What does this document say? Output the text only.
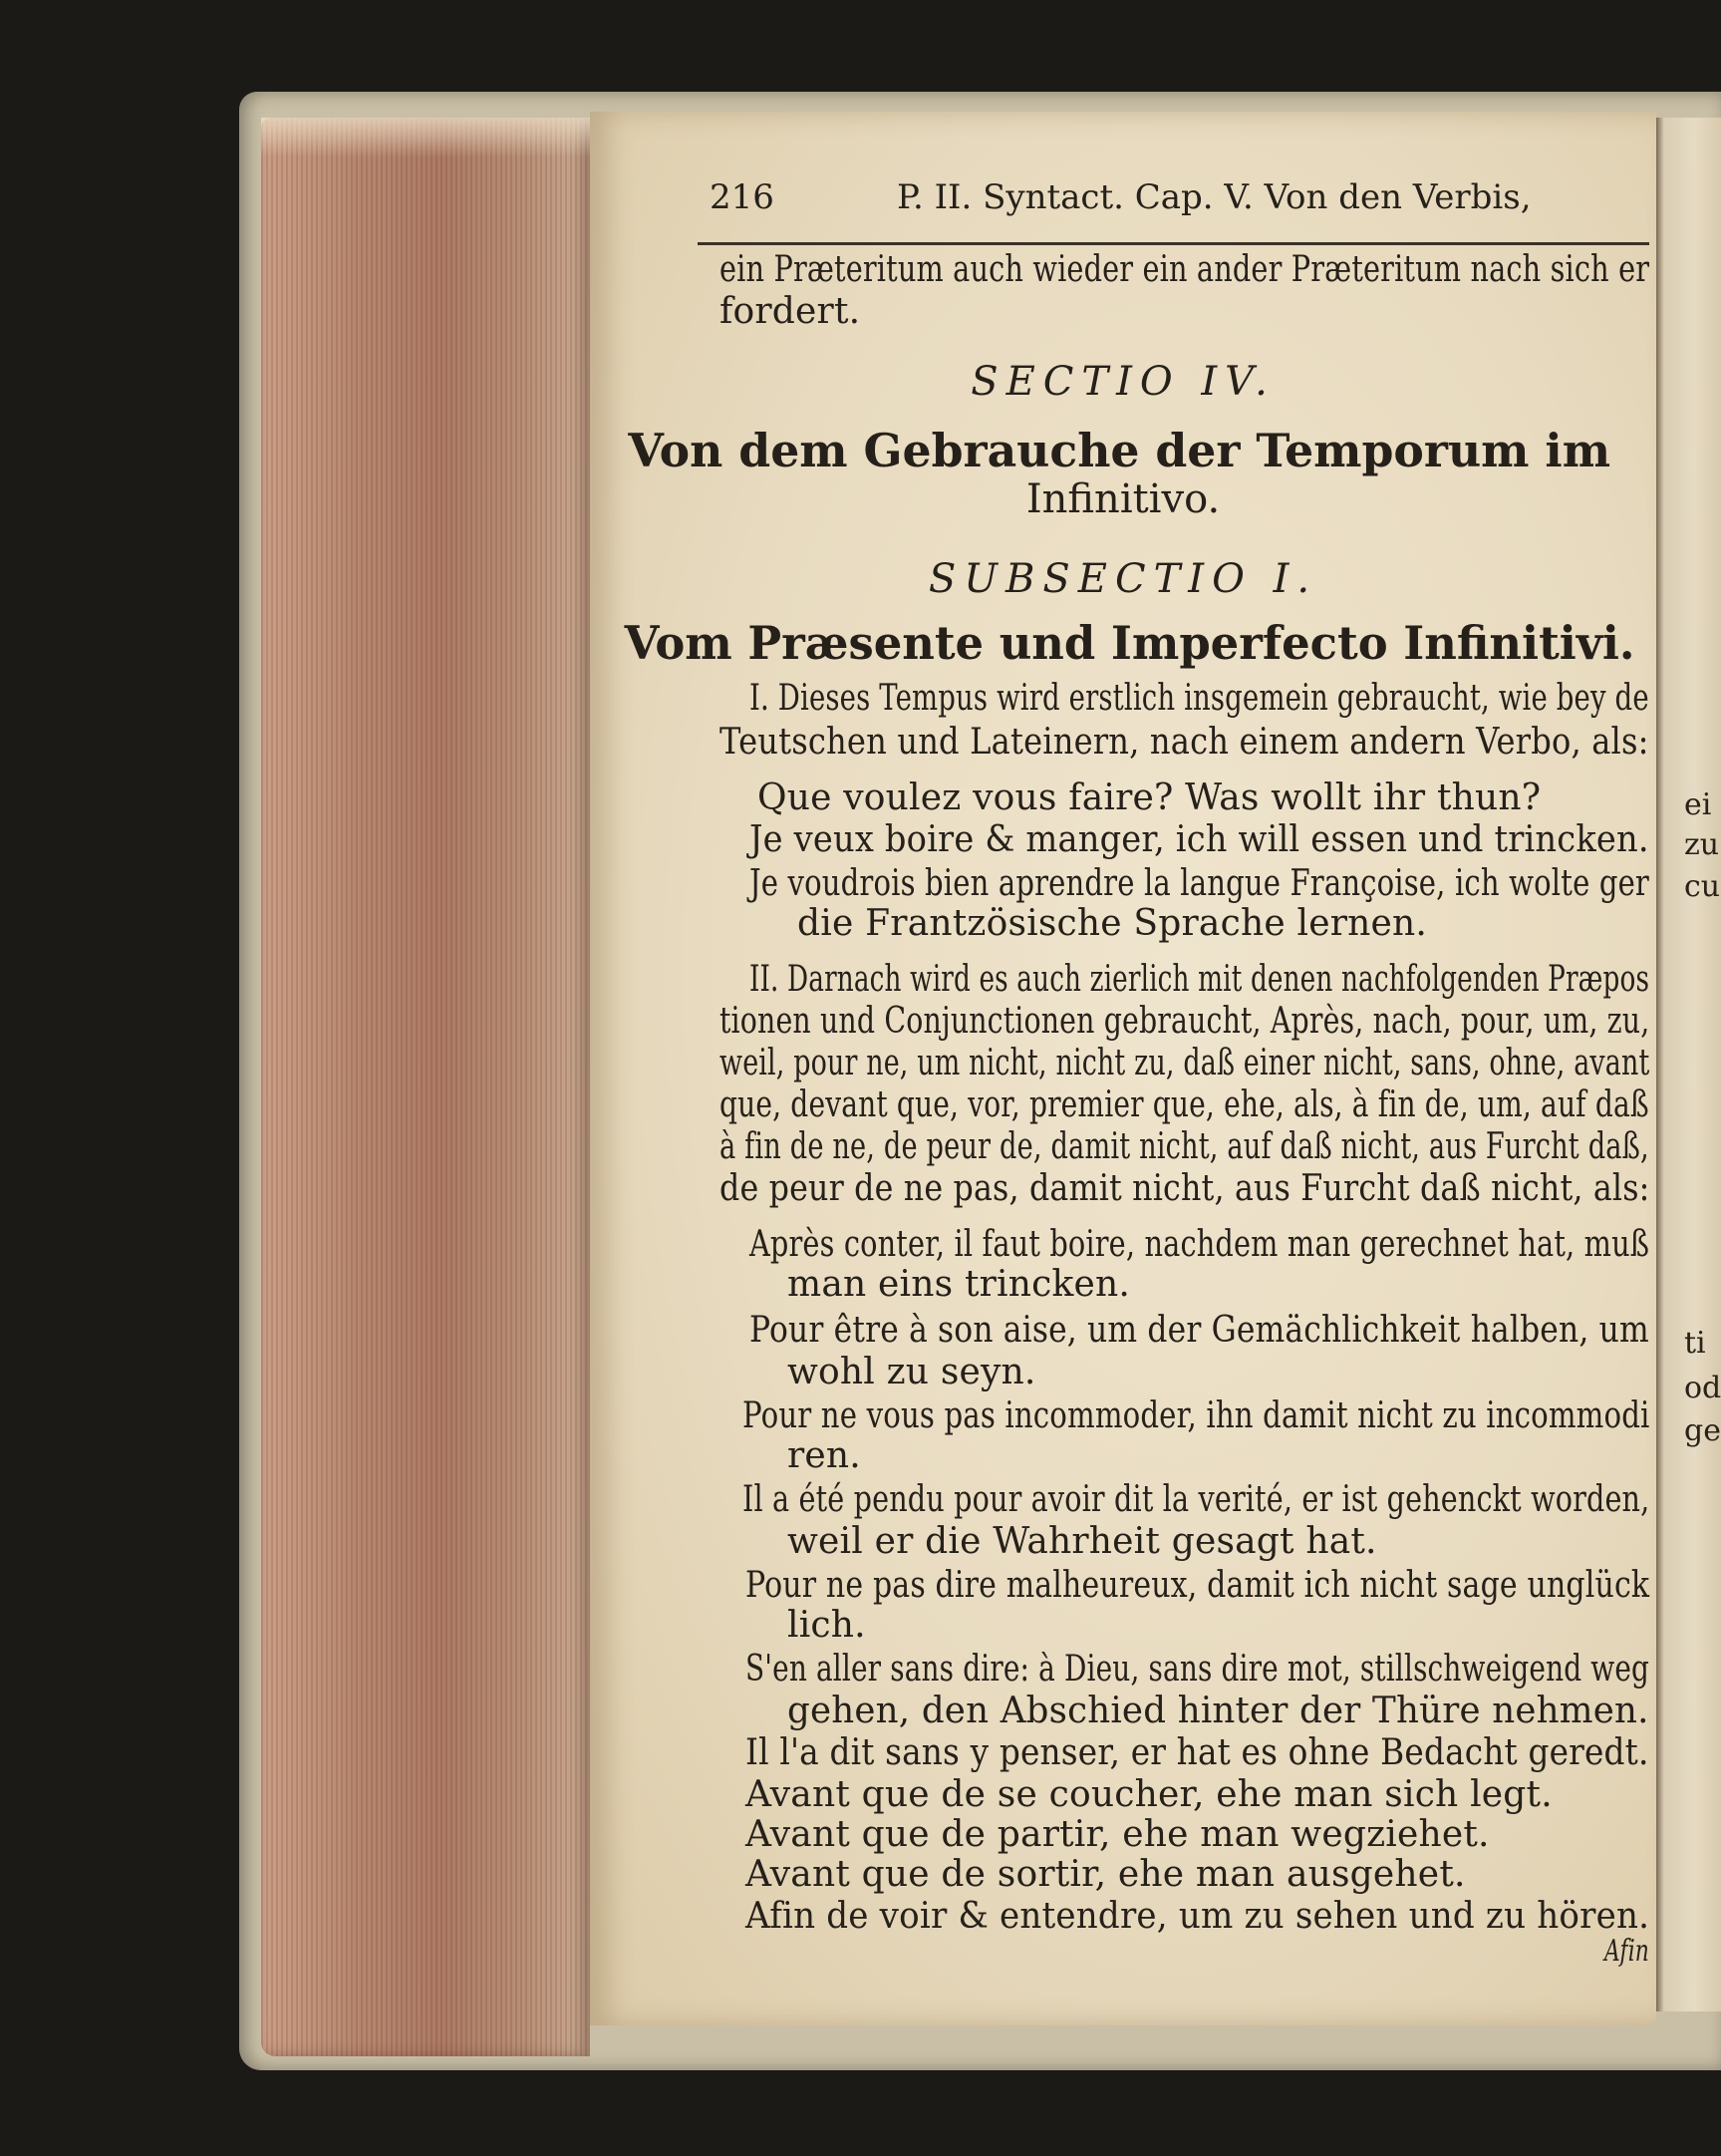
ei
zu
cu
ti
od
ge
216	P. II. Syntact. Cap. V. Von den Verbis,
ein Præteritum auch wieder ein ander Præteritum nach sich er
fordert.
SECTIO IV.
Von dem Gebrauche der Temporum im
Infinitivo.
SUBSECTIO I.
Vom Præsente und Imperfecto Infinitivi.
I. Dieses Tempus wird erstlich insgemein gebraucht, wie bey de
Teutschen und Lateinern, nach einem andern Verbo, als:
Que voulez vous faire? Was wollt ihr thun?
Je veux boire & manger, ich will essen und trincken.
Je voudrois bien aprendre la langue Françoise, ich wolte ger
die Frantzösische Sprache lernen.
II. Darnach wird es auch zierlich mit denen nachfolgenden Præpos
tionen und Conjunctionen gebraucht, Après, nach, pour, um, zu,
weil, pour ne, um nicht, nicht zu, daß einer nicht, sans, ohne, avant
que, devant que, vor, premier que, ehe, als, à fin de, um, auf daß
à fin de ne, de peur de, damit nicht, auf daß nicht, aus Furcht daß,
de peur de ne pas, damit nicht, aus Furcht daß nicht, als:
Après conter, il faut boire, nachdem man gerechnet hat, muß
man eins trincken.
Pour être à son aise, um der Gemächlichkeit halben, um
wohl zu seyn.
Pour ne vous pas incommoder, ihn damit nicht zu incommodi
ren.
Il a été pendu pour avoir dit la verité, er ist gehenckt worden,
weil er die Wahrheit gesagt hat.
Pour ne pas dire malheureux, damit ich nicht sage unglück
lich.
S'en aller sans dire: à Dieu, sans dire mot, stillschweigend weg
gehen, den Abschied hinter der Thüre nehmen.
Il l'a dit sans y penser, er hat es ohne Bedacht geredt.
Avant que de se coucher, ehe man sich legt.
Avant que de partir, ehe man wegziehet.
Avant que de sortir, ehe man ausgehet.
Afin de voir & entendre, um zu sehen und zu hören.
Afin
